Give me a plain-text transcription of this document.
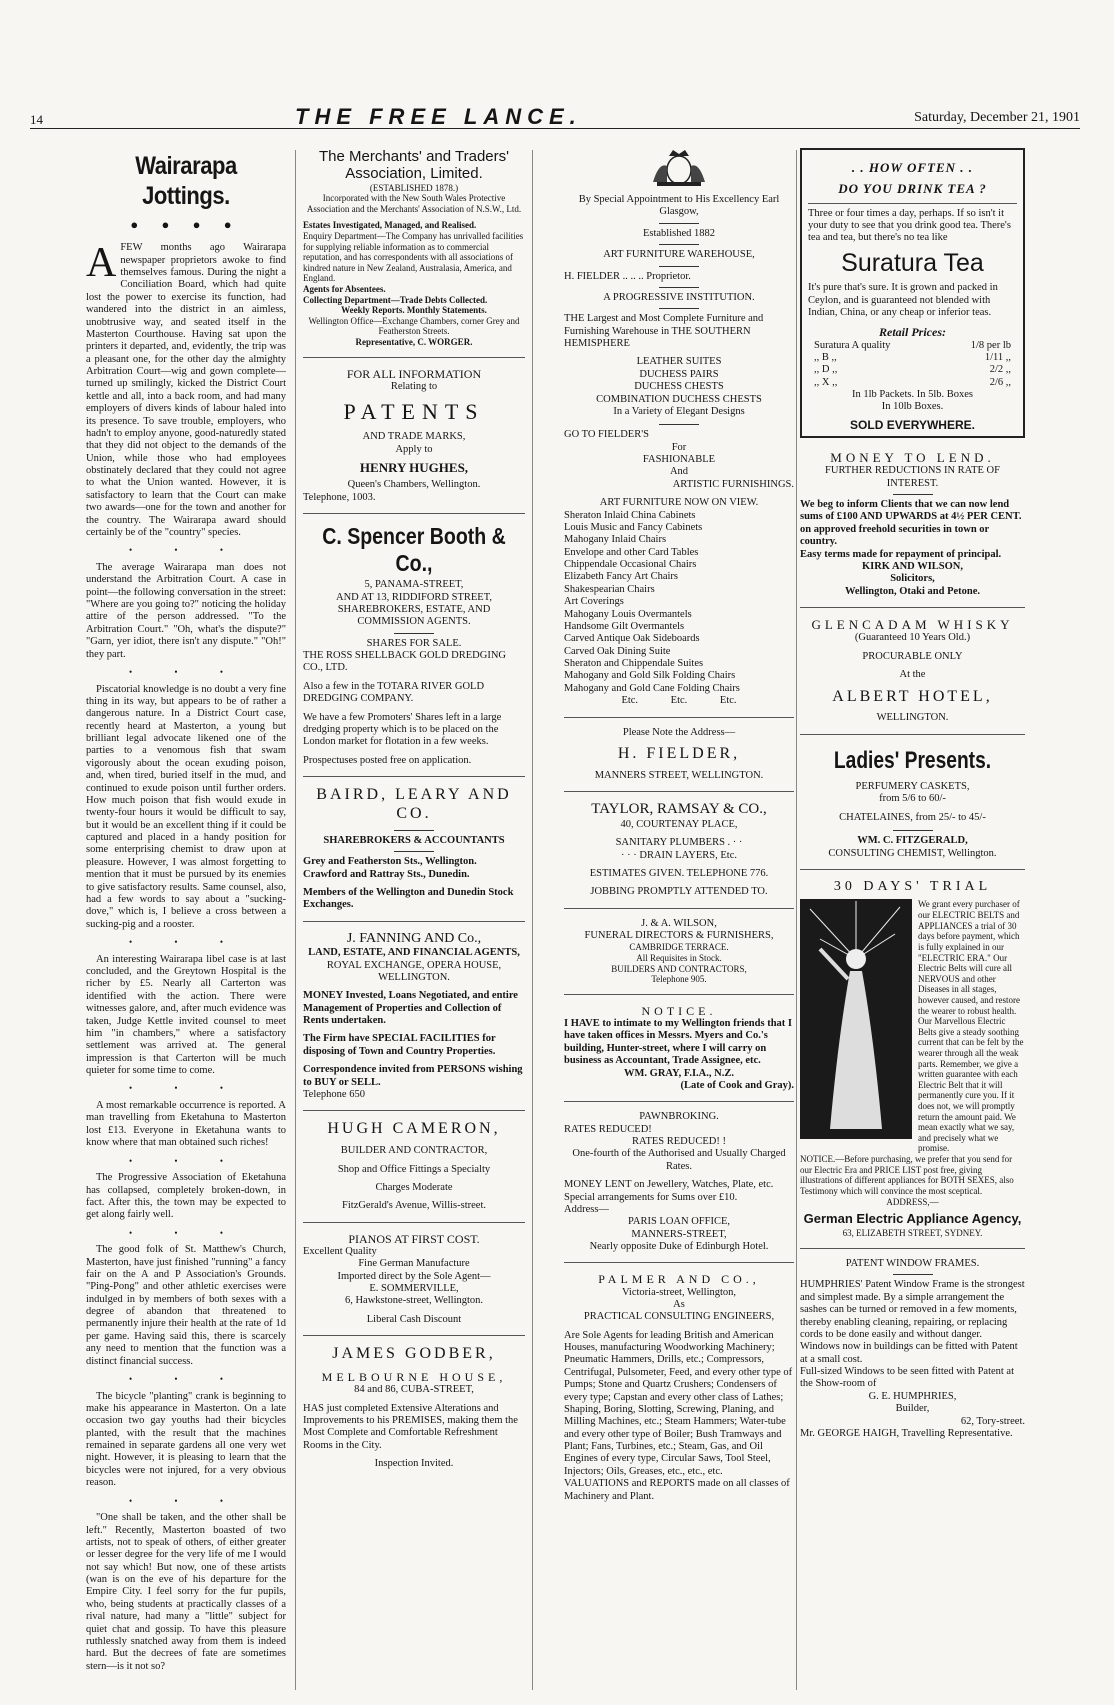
14	THE FREE LANCE.	Saturday, December 21, 1901
Wairarapa Jottings.
● ● ● ●

AFEW months ago Wairarapa newspaper proprietors awoke to find themselves famous. During the night a Conciliation Board, which had quite lost the power to exercise its function, had wandered into the district in an aimless, unobtrusive way, and seated itself in the Masterton Courthouse. Having sat upon the printers it departed, and, evidently, the trip was a pleasant one, for the other day the almighty Arbitration Court—wig and gown complete—turned up smilingly, kicked the District Court kettle and all, into a back room, and had many employers of divers kinds of labour haled into its presence. To save trouble, employers, who hadn't to employ anyone, good-naturedly stated that they did not object to the demands of the Union, while those who had employees obstinately declared that they could not agree to what the Union wanted. However, it is satisfactory to learn that the Court can make two awards—one for the town and another for the country. The Wairarapa award should certainly be of the "country" species.

• • •

The average Wairarapa man does not understand the Arbitration Court. A case in point—the following conversation in the street: "Where are you going to?" noticing the holiday attire of the person addressed. "To the Arbitration Court." "Oh, what's the dispute?" "Garn, yer idiot, there isn't any dispute." "Oh!" they part.

• • •

Piscatorial knowledge is no doubt a very fine thing in its way, but appears to be of rather a dangerous nature. In a District Court case, recently heard at Masterton, a young but brilliant legal advocate likened one of the parties to a venomous fish that swam vigorously about the ocean exuding poison, and, when tired, buried itself in the mud, and continued to exude poison until further orders. How much poison that fish would exude in twenty-four hours it would be difficult to say, but it would be an excellent thing if it could be captured and placed in a handy position for some enterprising chemist to draw upon at pleasure. However, I was almost forgetting to mention that it must be pursued by its enemies to give satisfactory results. Same counsel, also, had a few words to say about a "sucking-dove," which is, I believe a cross between a sucking-pig and a rooster.

• • •

An interesting Wairarapa libel case is at last concluded, and the Greytown Hospital is the richer by £5. Nearly all Carterton was identified with the action. There were witnesses galore, and, after much evidence was taken, Judge Kettle invited counsel to meet him "in chambers," where a satisfactory settlement was arrived at. The general impression is that Carterton will be much quieter for some time to come.

• • •

A most remarkable occurrence is reported. A man travelling from Eketahuna to Masterton lost £13. Everyone in Eketahuna wants to know where that man obtained such riches!

• • •

The Progressive Association of Eketahuna has collapsed, completely broken-down, in fact. After this, the town may be expected to get along fairly well.

• • •

The good folk of St. Matthew's Church, Masterton, have just finished "running" a fancy fair on the A and P Association's Grounds. "Ping-Pong" and other athletic exercises were indulged in by members of both sexes with a degree of abandon that threatened to permanently injure their health at the rate of 1d per game. Having said this, there is scarcely any need to mention that the function was a distinct financial success.

• • •

The bicycle "planting" crank is beginning to make his appearance in Masterton. On a late occasion two gay youths had their bicycles planted, with the result that the machines remained in separate gardens all one very wet night. However, it is pleasing to learn that the bicycles were not injured, for a very obvious reason.

• • •

"One shall be taken, and the other shall be left." Recently, Masterton boasted of two artists, not to speak of others, of either greater or lesser degree for the very life of me I would not say which! But now, one of these artists (wan is on the eve of his departure for the Empire City. I feel sorry for the fur pupils, who, being students at practically classes of a rival nature, had many a "little" subject for quiet chat and gossip. To have this pleasure ruthlessly snatched away from them is indeed hard. But the decrees of fate are sometimes stern—is it not so?

The Merchants' and Traders' Association, Limited.
(ESTABLISHED 1878.)
Incorporated with the New South Wales Protective Association and the Merchants' Association of N.S.W., Ltd.
Estates Investigated, Managed, and Realised.
Enquiry Department—The Company has unrivalled facilities for supplying reliable information as to commercial reputation, and has correspondents with all associations of kindred nature in New Zealand, Australasia, America, and England.
Agents for Absentees.
Collecting Department—Trade Debts Collected.
Weekly Reports. Monthly Statements.
Wellington Office—Exchange Chambers, corner Grey and Featherston Streets.
Representative, C. WORGER.
FOR ALL INFORMATION
Relating to
PATENTS
AND TRADE MARKS,
Apply to
HENRY HUGHES,
Queen's Chambers, Wellington.
Telephone, 1003.
C. Spencer Booth & Co.,
5, PANAMA-STREET,
AND AT 13, RIDDIFORD STREET,
SHAREBROKERS, ESTATE, AND COMMISSION AGENTS.
SHARES FOR SALE.
THE ROSS SHELLBACK GOLD DREDGING CO., LTD.
Also a few in the TOTARA RIVER GOLD DREDGING COMPANY.
We have a few Promoters' Shares left in a large dredging property which is to be placed on the London market for flotation in a few weeks.
Prospectuses posted free on application.
BAIRD, LEARY AND CO.
SHAREBROKERS & ACCOUNTANTS
Grey and Featherston Sts., Wellington.
Crawford and Rattray Sts., Dunedin.
Members of the Wellington and Dunedin Stock Exchanges.
J. FANNING AND Co.,
LAND, ESTATE, AND FINANCIAL AGENTS,
ROYAL EXCHANGE, OPERA HOUSE, WELLINGTON.
MONEY Invested, Loans Negotiated, and entire Management of Properties and Collection of Rents undertaken.
The Firm have SPECIAL FACILITIES for disposing of Town and Country Properties.
Correspondence invited from PERSONS wishing to BUY or SELL.
Telephone 650
HUGH CAMERON,
BUILDER AND CONTRACTOR,
Shop and Office Fittings a Specialty
Charges Moderate
FitzGerald's Avenue, Willis-street.
PIANOS AT FIRST COST.
Excellent Quality
Fine German Manufacture
Imported direct by the Sole Agent—
E. SOMMERVILLE,
6, Hawkstone-street, Wellington.
Liberal Cash Discount
JAMES GODBER,
MELBOURNE HOUSE,
84 and 86, CUBA-STREET,
HAS just completed Extensive Alterations and Improvements to his PREMISES, making them the Most Complete and Comfortable Refreshment Rooms in the City.
Inspection Invited.
By Special Appointment to His Excellency Earl Glasgow,
Established 1882
ART FURNITURE WAREHOUSE,
H. FIELDER .. .. .. Proprietor.
A PROGRESSIVE INSTITUTION.
THE Largest and Most Complete Furniture and Furnishing Warehouse in THE SOUTHERN HEMISPHERE
LEATHER SUITES
DUCHESS PAIRS
DUCHESS CHESTS
COMBINATION DUCHESS CHESTS
In a Variety of Elegant Designs
GO TO FIELDER'S
For
FASHIONABLE
And
ARTISTIC FURNISHINGS.
ART FURNITURE NOW ON VIEW.
Sheraton Inlaid China Cabinets
Louis Music and Fancy Cabinets
Mahogany Inlaid Chairs
Envelope and other Card Tables
Chippendale Occasional Chairs
Elizabeth Fancy Art Chairs
Shakespearian Chairs
Art Coverings
Mahogany Louis Overmantels
Handsome Gilt Overmantels
Carved Antique Oak Sideboards
Carved Oak Dining Suite
Sheraton and Chippendale Suites
Mahogany and Gold Silk Folding Chairs
Mahogany and Gold Cane Folding Chairs
Etc. Etc. Etc.
Please Note the Address—
H. FIELDER,
MANNERS STREET, WELLINGTON.
TAYLOR, RAMSAY & CO.,
40, COURTENAY PLACE,
SANITARY PLUMBERS . · ·
· · · DRAIN LAYERS, Etc.
ESTIMATES GIVEN. TELEPHONE 776.
JOBBING PROMPTLY ATTENDED TO.
J. & A. WILSON,
FUNERAL DIRECTORS & FURNISHERS,
CAMBRIDGE TERRACE.
All Requisites in Stock.
BUILDERS AND CONTRACTORS,
Telephone 905.
NOTICE.
I HAVE to intimate to my Wellington friends that I have taken offices in Messrs. Myers and Co.'s building, Hunter-street, where I will carry on business as Accountant, Trade Assignee, etc.
WM. GRAY, F.I.A., N.Z.
(Late of Cook and Gray).
PAWNBROKING.
RATES REDUCED!
RATES REDUCED! !
One-fourth of the Authorised and Usually Charged Rates.
MONEY LENT on Jewellery, Watches, Plate, etc.
Special arrangements for Sums over £10.
Address—
PARIS LOAN OFFICE,
MANNERS-STREET,
Nearly opposite Duke of Edinburgh Hotel.
PALMER AND CO.,
Victoria-street, Wellington,
As
PRACTICAL CONSULTING ENGINEERS,
Are Sole Agents for leading British and American Houses, manufacturing Woodworking Machinery; Pneumatic Hammers, Drills, etc.; Compressors, Centrifugal, Pulsometer, Feed, and every other type of Pumps; Stone and Quartz Crushers; Condensers of every type; Capstan and every other class of Lathes; Shaping, Boring, Slotting, Screwing, Planing, and Milling Machines, etc.; Steam Hammers; Water-tube and every other type of Boiler; Bush Tramways and Plant; Fans, Turbines, etc.; Steam, Gas, and Oil Engines of every type, Circular Saws, Tool Steel, Injectors; Oils, Greases, etc., etc., etc.
VALUATIONS and REPORTS made on all classes of Machinery and Plant.
. . HOW OFTEN . .
DO YOU DRINK TEA ?
Three or four times a day, perhaps. If so isn't it your duty to see that you drink good tea. There's tea and tea, but there's no tea like
Suratura Tea
It's pure that's sure. It is grown and packed in Ceylon, and is guaranteed not blended with Indian, China, or any cheap or inferior teas.
Retail Prices:
Suratura A quality	1/8 per lb
,, B ,,	1/11 ,,
,, D ,,	2/2 ,,
,, X ,,	2/6 ,,
In 1lb Packets. In 5lb. Boxes
In 10lb Boxes.
SOLD EVERYWHERE.
MONEY TO LEND.
FURTHER REDUCTIONS IN RATE OF INTEREST.
We beg to inform Clients that we can now lend sums of £100 AND UPWARDS at 4½ PER CENT. on approved freehold securities in town or country.
Easy terms made for repayment of principal.
KIRK AND WILSON,
Solicitors,
Wellington, Otaki and Petone.
GLENCADAM WHISKY
(Guaranteed 10 Years Old.)
PROCURABLE ONLY
At the
ALBERT HOTEL,
WELLINGTON.
Ladies' Presents.
PERFUMERY CASKETS,
from 5/6 to 60/-
CHATELAINES, from 25/- to 45/-
WM. C. FITZGERALD,
CONSULTING CHEMIST, Wellington.
30 DAYS' TRIAL
We grant every purchaser of our ELECTRIC BELTS and APPLIANCES a trial of 30 days before payment, which is fully explained in our "ELECTRIC ERA." Our Electric Belts will cure all NERVOUS and other Diseases in all stages, however caused, and restore the wearer to robust health. Our Marvellous Electric Belts give a steady soothing current that can be felt by the wearer through all the weak parts. Remember, we give a written guarantee with each Electric Belt that it will permanently cure you. If it does not, we will promptly return the amount paid. We mean exactly what we say, and precisely what we promise.
NOTICE.—Before purchasing, we prefer that you send for our Electric Era and PRICE LIST post free, giving illustrations of different appliances for BOTH SEXES, also Testimony which will convince the most sceptical.
ADDRESS,—
German Electric Appliance Agency,
63, ELIZABETH STREET, SYDNEY.
PATENT WINDOW FRAMES.
HUMPHRIES' Patent Window Frame is the strongest and simplest made. By a simple arrangement the sashes can be turned or removed in a few moments, thereby enabling cleaning, repairing, or replacing cords to be done easily and without danger.
Windows now in buildings can be fitted with Patent at a small cost.
Full-sized Windows to be seen fitted with Patent at the Show-room of
G. E. HUMPHRIES,
Builder,
62, Tory-street.
Mr. GEORGE HAIGH, Travelling Representative.
